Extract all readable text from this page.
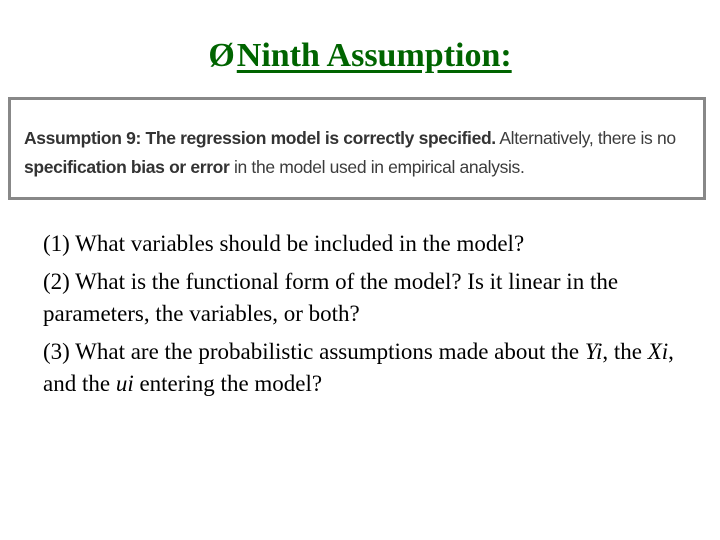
ØNinth Assumption:
Assumption 9: The regression model is correctly specified. Alternatively, there is no specification bias or error in the model used in empirical analysis.

(1) What variables should be included in the model?

(2) What is the functional form of the model? Is it linear in the parameters, the variables, or both?

(3) What are the probabilistic assumptions made about the Yi, the Xi, and the ui entering the model?
